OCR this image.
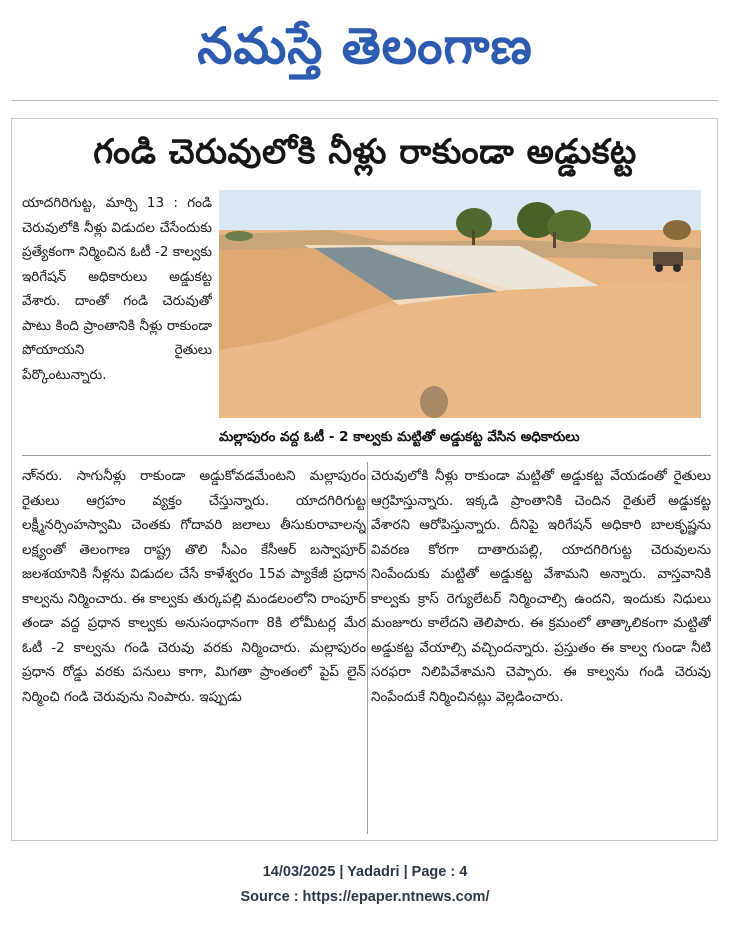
నమస్తే తెలంగాణ
గండి చెరువులోకి నీళ్లు రాకుండా అడ్డుకట్ట

యాదగిరిగుట్ట, మార్చి 13 : గండి చెరువులోకి నీళ్లు విడుదల చేసేందుకు ప్రత్యేకంగా నిర్మించిన ఓటీ -2 కాల్వకు ఇరిగేషన్ అధికారులు అడ్డుకట్ట వేశారు. దాంతో గండి చెరువుతో పాటు కింది ప్రాంతానికి నీళ్లు రాకుండా పోయాయని రైతులు పేర్కొంటున్నారు.

మల్లాపురం వద్ద ఓటీ - 2 కాల్వకు మట్టితో అడ్డుకట్ట వేసిన అధికారులు

నా్నరు. సాగునీళ్లు రాకుండా అడ్డుకోవడమేంటని మల్లాపురం రైతులు ఆగ్రహం వ్యక్తం చేస్తున్నారు. యాదగిరిగుట్ట లక్ష్మీనర్సింహస్వామి చెంతకు గోదావరి జలాలు తీసుకురావాలన్న లక్ష్యంతో తెలంగాణ రాష్ట్ర తొలి సీఎం కేసీఆర్ బస్వాపూర్ జలశయానికి నీళ్లను విడుదల చేసే కాళేశ్వరం 15వ ప్యాకేజీ ప్రధాన కాల్వను నిర్మించారు. ఈ కాల్వకు తుర్కపల్లి మండలంలోని రాంపూర్ తండా వద్ద ప్రధాన కాల్వకు అనుసంధానంగా 8కి లోమీటర్ల మేర ఓటీ -2 కాల్వను గండి చెరువు వరకు నిర్మించారు. మల్లాపురం ప్రధాన రోడ్డు వరకు పనులు కాగా, మిగతా ప్రాంతంలో పైప్ లైన్ నిర్మించి గండి చెరువును నింపారు. ఇప్పుడు

చెరువులోకి నీళ్లు రాకుండా మట్టితో అడ్డుకట్ట వేయడంతో రైతులు ఆగ్రహిస్తున్నారు. ఇక్కడి ప్రాంతానికి చెందిన రైతులే అడ్డుకట్ట వేశారని ఆరోపిస్తున్నారు. దీనిపై ఇరిగేషన్ అధికారి బాలకృష్ణను వివరణ కోరగా దాతారుపల్లి, యాదగిరిగుట్ట చెరువులను నింపేందుకు మట్టితో అడ్డుకట్ట వేశామని అన్నారు. వాస్తవానికి కాల్వకు క్రాస్ రెగ్యులేటర్ నిర్మించాల్సి ఉందని, ఇందుకు నిధులు మంజూరు కాలేదని తెలిపారు. ఈ క్రమంలో తాత్కాలికంగా మట్టితో అడ్డుకట్ట వేయాల్సి వచ్చిందన్నారు. ప్రస్తుతం ఈ కాల్వ గుండా నీటి సరఫరా నిలిపివేశామని చెప్పారు. ఈ కాల్వను గండి చెరువు నింపేందుకే నిర్మించినట్లు వెల్లడించారు.

14/03/2025 | Yadadri | Page : 4
Source : https://epaper.ntnews.com/
